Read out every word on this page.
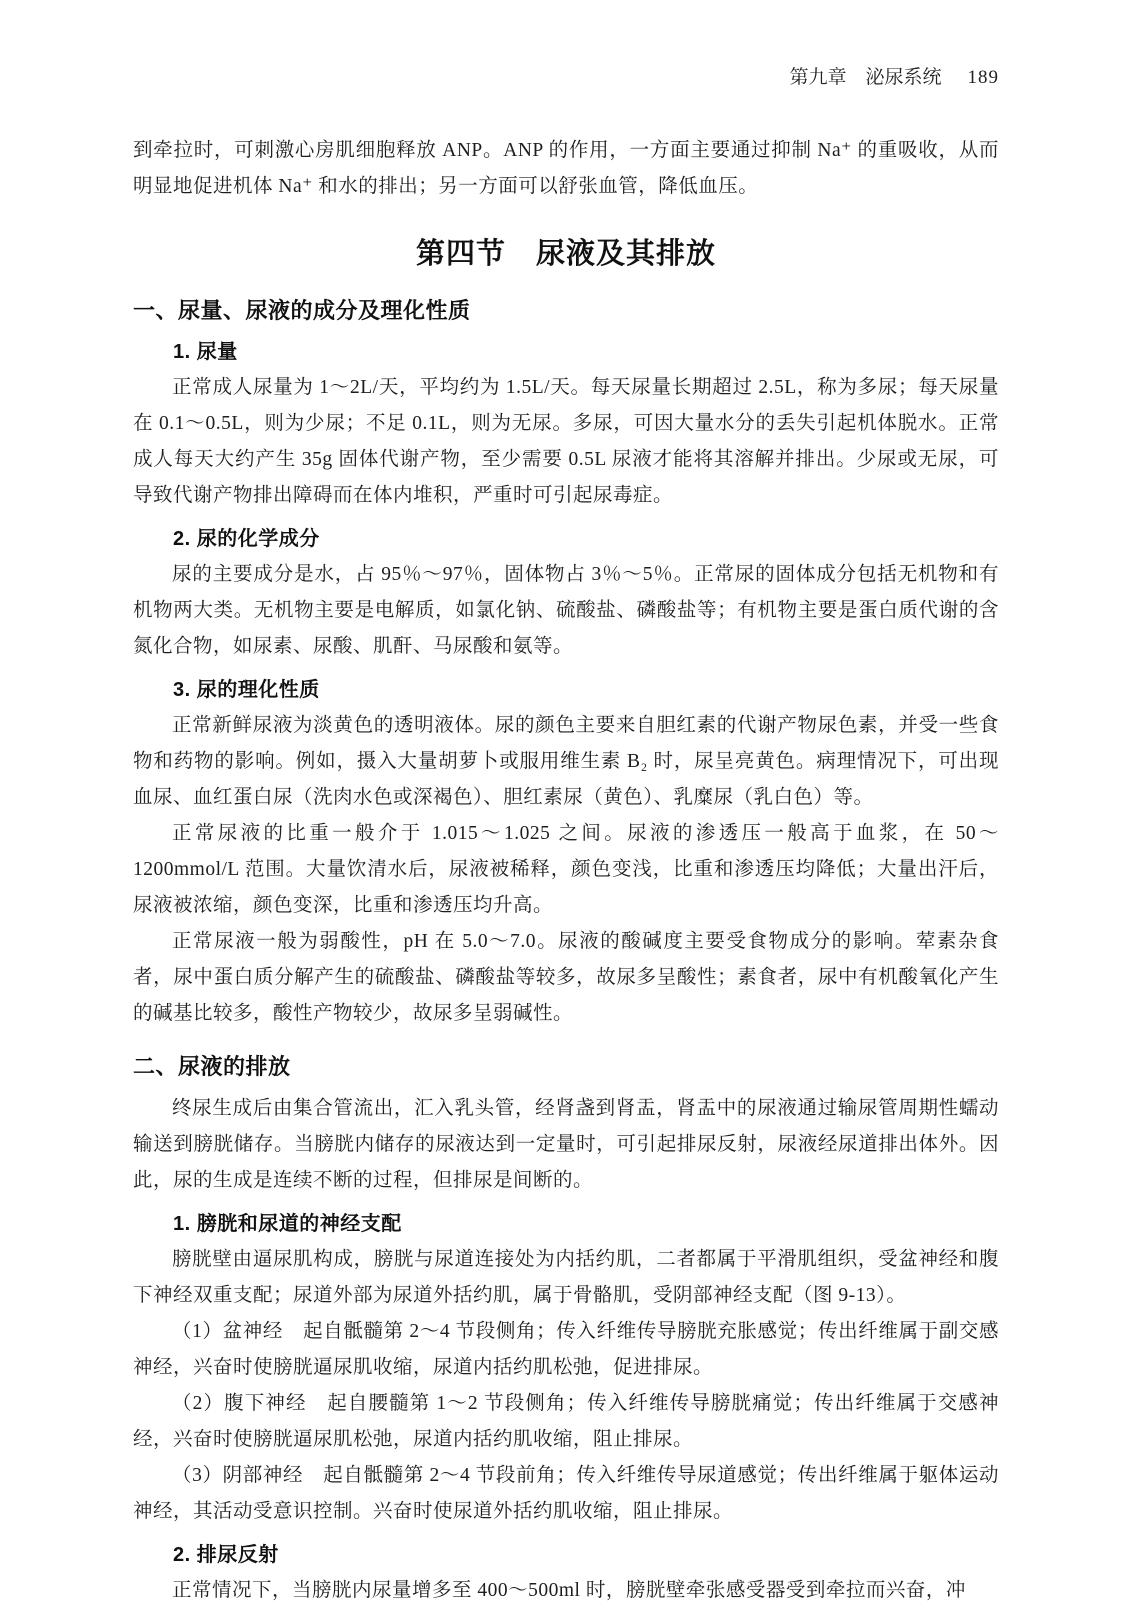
第九章　泌尿系统 189

到牵拉时，可刺激心房肌细胞释放 ANP。ANP 的作用，一方面主要通过抑制 Na⁺ 的重吸收，从而明显地促进机体 Na⁺ 和水的排出；另一方面可以舒张血管，降低血压。

第四节　尿液及其排放
一、尿量、尿液的成分及理化性质
1. 尿量

正常成人尿量为 1～2L/天，平均约为 1.5L/天。每天尿量长期超过 2.5L，称为多尿；每天尿量在 0.1～0.5L，则为少尿；不足 0.1L，则为无尿。多尿，可因大量水分的丢失引起机体脱水。正常成人每天大约产生 35g 固体代谢产物，至少需要 0.5L 尿液才能将其溶解并排出。少尿或无尿，可导致代谢产物排出障碍而在体内堆积，严重时可引起尿毒症。

2. 尿的化学成分

尿的主要成分是水，占 95％～97％，固体物占 3％～5％。正常尿的固体成分包括无机物和有机物两大类。无机物主要是电解质，如氯化钠、硫酸盐、磷酸盐等；有机物主要是蛋白质代谢的含氮化合物，如尿素、尿酸、肌酐、马尿酸和氨等。

3. 尿的理化性质

正常新鲜尿液为淡黄色的透明液体。尿的颜色主要来自胆红素的代谢产物尿色素，并受一些食物和药物的影响。例如，摄入大量胡萝卜或服用维生素 B₂ 时，尿呈亮黄色。病理情况下，可出现血尿、血红蛋白尿（洗肉水色或深褐色）、胆红素尿（黄色）、乳糜尿（乳白色）等。

正常尿液的比重一般介于 1.015～1.025 之间。尿液的渗透压一般高于血浆，在 50～1200mmol/L 范围。大量饮清水后，尿液被稀释，颜色变浅，比重和渗透压均降低；大量出汗后，尿液被浓缩，颜色变深，比重和渗透压均升高。

正常尿液一般为弱酸性，pH 在 5.0～7.0。尿液的酸碱度主要受食物成分的影响。荤素杂食者，尿中蛋白质分解产生的硫酸盐、磷酸盐等较多，故尿多呈酸性；素食者，尿中有机酸氧化产生的碱基比较多，酸性产物较少，故尿多呈弱碱性。

二、尿液的排放

终尿生成后由集合管流出，汇入乳头管，经肾盏到肾盂，肾盂中的尿液通过输尿管周期性蠕动输送到膀胱储存。当膀胱内储存的尿液达到一定量时，可引起排尿反射，尿液经尿道排出体外。因此，尿的生成是连续不断的过程，但排尿是间断的。

1. 膀胱和尿道的神经支配

膀胱壁由逼尿肌构成，膀胱与尿道连接处为内括约肌，二者都属于平滑肌组织，受盆神经和腹下神经双重支配；尿道外部为尿道外括约肌，属于骨骼肌，受阴部神经支配（图 9-13）。

（1）盆神经　起自骶髓第 2～4 节段侧角；传入纤维传导膀胱充胀感觉；传出纤维属于副交感神经，兴奋时使膀胱逼尿肌收缩，尿道内括约肌松弛，促进排尿。

（2）腹下神经　起自腰髓第 1～2 节段侧角；传入纤维传导膀胱痛觉；传出纤维属于交感神经，兴奋时使膀胱逼尿肌松弛，尿道内括约肌收缩，阻止排尿。

（3）阴部神经　起自骶髓第 2～4 节段前角；传入纤维传导尿道感觉；传出纤维属于躯体运动神经，其活动受意识控制。兴奋时使尿道外括约肌收缩，阻止排尿。

2. 排尿反射

正常情况下，当膀胱内尿量增多至 400～500ml 时，膀胱壁牵张感受器受到牵拉而兴奋，冲
